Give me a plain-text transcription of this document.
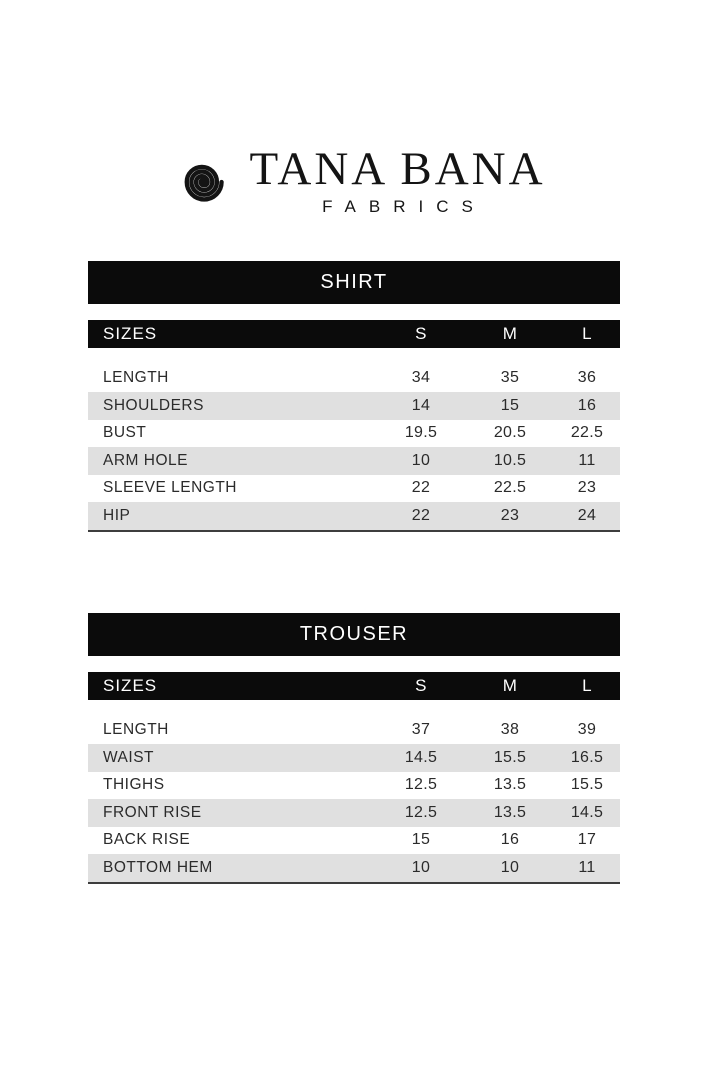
TANA BANA
FABRICS
SHIRT
SIZES	S	M	L
LENGTH	34	35	36
SHOULDERS	14	15	16
BUST	19.5	20.5	22.5
ARM HOLE	10	10.5	11
SLEEVE LENGTH	22	22.5	23
HIP	22	23	24
TROUSER
SIZES	S	M	L
LENGTH	37	38	39
WAIST	14.5	15.5	16.5
THIGHS	12.5	13.5	15.5
FRONT RISE	12.5	13.5	14.5
BACK RISE	15	16	17
BOTTOM HEM	10	10	11
